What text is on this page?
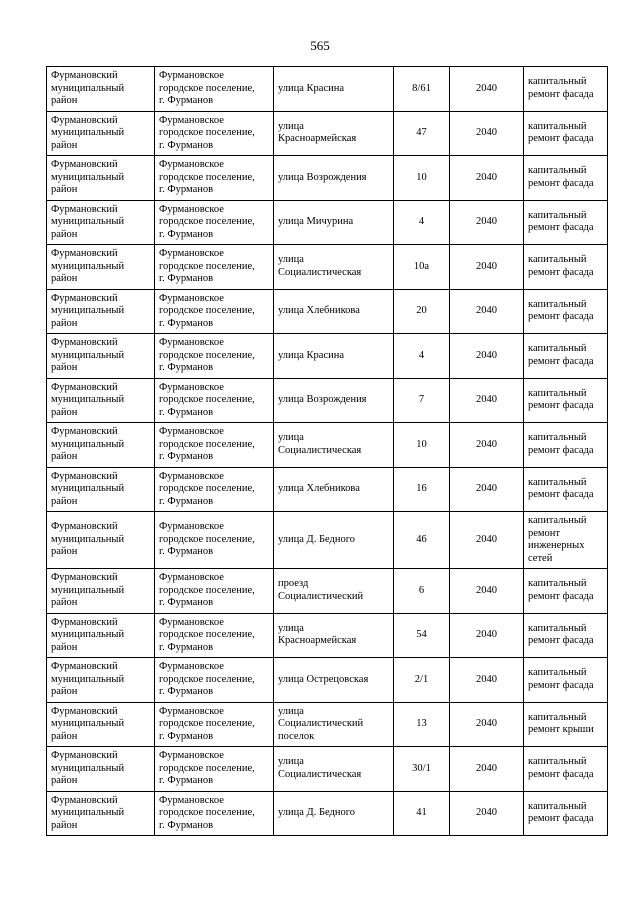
565
Фурмановский
муниципальный
район	Фурмановское
городское поселение,
г. Фурманов	улица Красина	8/61	2040	капитальный
ремонт фасада

Фурмановский
муниципальный
район	Фурмановское
городское поселение,
г. Фурманов	улица
Красноармейская	47	2040	капитальный
ремонт фасада

Фурмановский
муниципальный
район	Фурмановское
городское поселение,
г. Фурманов	улица Возрождения	10	2040	капитальный
ремонт фасада

Фурмановский
муниципальный
район	Фурмановское
городское поселение,
г. Фурманов	улица Мичурина	4	2040	капитальный
ремонт фасада

Фурмановский
муниципальный
район	Фурмановское
городское поселение,
г. Фурманов	улица
Социалистическая	10а	2040	капитальный
ремонт фасада

Фурмановский
муниципальный
район	Фурмановское
городское поселение,
г. Фурманов	улица Хлебникова	20	2040	капитальный
ремонт фасада

Фурмановский
муниципальный
район	Фурмановское
городское поселение,
г. Фурманов	улица Красина	4	2040	капитальный
ремонт фасада

Фурмановский
муниципальный
район	Фурмановское
городское поселение,
г. Фурманов	улица Возрождения	7	2040	капитальный
ремонт фасада

Фурмановский
муниципальный
район	Фурмановское
городское поселение,
г. Фурманов	улица
Социалистическая	10	2040	капитальный
ремонт фасада

Фурмановский
муниципальный
район	Фурмановское
городское поселение,
г. Фурманов	улица Хлебникова	16	2040	капитальный
ремонт фасада

Фурмановский
муниципальный
район	Фурмановское
городское поселение,
г. Фурманов	улица Д. Бедного	46	2040	капитальный
ремонт
инженерных
сетей

Фурмановский
муниципальный
район	Фурмановское
городское поселение,
г. Фурманов	проезд
Социалистический	6	2040	капитальный
ремонт фасада

Фурмановский
муниципальный
район	Фурмановское
городское поселение,
г. Фурманов	улица
Красноармейская	54	2040	капитальный
ремонт фасада

Фурмановский
муниципальный
район	Фурмановское
городское поселение,
г. Фурманов	улица Острецовская	2/1	2040	капитальный
ремонт фасада

Фурмановский
муниципальный
район	Фурмановское
городское поселение,
г. Фурманов	улица
Социалистический
поселок	13	2040	капитальный
ремонт крыши

Фурмановский
муниципальный
район	Фурмановское
городское поселение,
г. Фурманов	улица
Социалистическая	30/1	2040	капитальный
ремонт фасада

Фурмановский
муниципальный
район	Фурмановское
городское поселение,
г. Фурманов	улица Д. Бедного	41	2040	капитальный
ремонт фасада
